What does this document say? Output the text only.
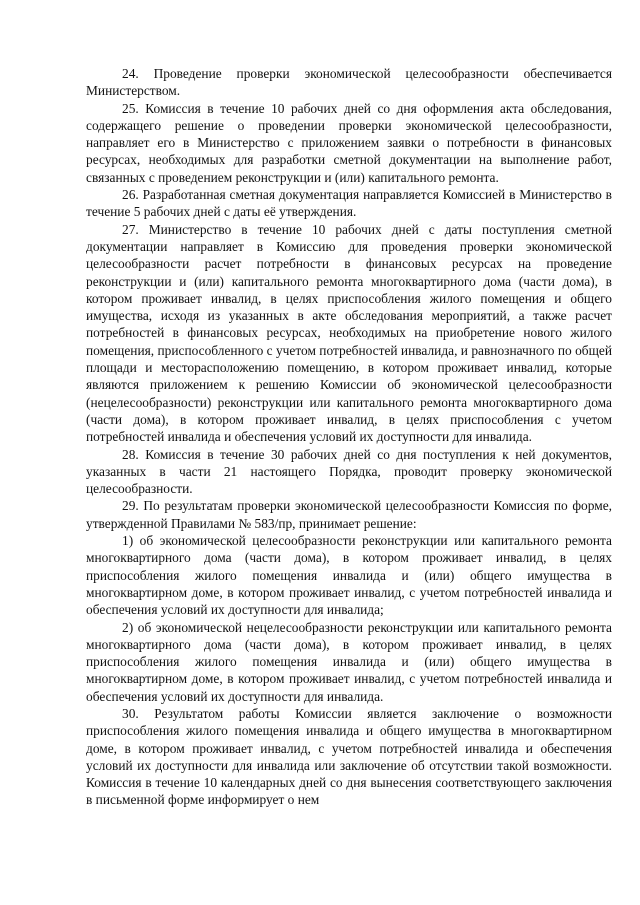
24. Проведение проверки экономической целесообразности обеспечивается Министерством.

25. Комиссия в течение 10 рабочих дней со дня оформления акта обследования, содержащего решение о проведении проверки экономической целесообразности, направляет его в Министерство с приложением заявки о потребности в финансовых ресурсах, необходимых для разработки сметной документации на выполнение работ, связанных с проведением реконструкции и (или) капитального ремонта.

26. Разработанная сметная документация направляется Комиссией в Министерство в течение 5 рабочих дней с даты её утверждения.

27. Министерство в течение 10 рабочих дней с даты поступления сметной документации направляет в Комиссию для проведения проверки экономической целесообразности расчет потребности в финансовых ресурсах на проведение реконструкции и (или) капитального ремонта многоквартирного дома (части дома), в котором проживает инвалид, в целях приспособления жилого помещения и общего имущества, исходя из указанных в акте обследования мероприятий, а также расчет потребностей в финансовых ресурсах, необходимых на приобретение нового жилого помещения, приспособленного с учетом потребностей инвалида, и равнозначного по общей площади и месторасположению помещению, в котором проживает инвалид, которые являются приложением к решению Комиссии об экономической целесообразности (нецелесообразности) реконструкции или капитального ремонта многоквартирного дома (части дома), в котором проживает инвалид, в целях приспособления с учетом потребностей инвалида и обеспечения условий их доступности для инвалида.

28. Комиссия в течение 30 рабочих дней со дня поступления к ней документов, указанных в части 21 настоящего Порядка, проводит проверку экономической целесообразности.

29. По результатам проверки экономической целесообразности Комиссия по форме, утвержденной Правилами № 583/пр, принимает решение:

1) об экономической целесообразности реконструкции или капитального ремонта многоквартирного дома (части дома), в котором проживает инвалид, в целях приспособления жилого помещения инвалида и (или) общего имущества в многоквартирном доме, в котором проживает инвалид, с учетом потребностей инвалида и обеспечения условий их доступности для инвалида;

2) об экономической нецелесообразности реконструкции или капитального ремонта многоквартирного дома (части дома), в котором проживает инвалид, в целях приспособления жилого помещения инвалида и (или) общего имущества в многоквартирном доме, в котором проживает инвалид, с учетом потребностей инвалида и обеспечения условий их доступности для инвалида.

30. Результатом работы Комиссии является заключение о возможности приспособления жилого помещения инвалида и общего имущества в многоквартирном доме, в котором проживает инвалид, с учетом потребностей инвалида и обеспечения условий их доступности для инвалида или заключение об отсутствии такой возможности. Комиссия в течение 10 календарных дней со дня вынесения соответствующего заключения в письменной форме информирует о нем
